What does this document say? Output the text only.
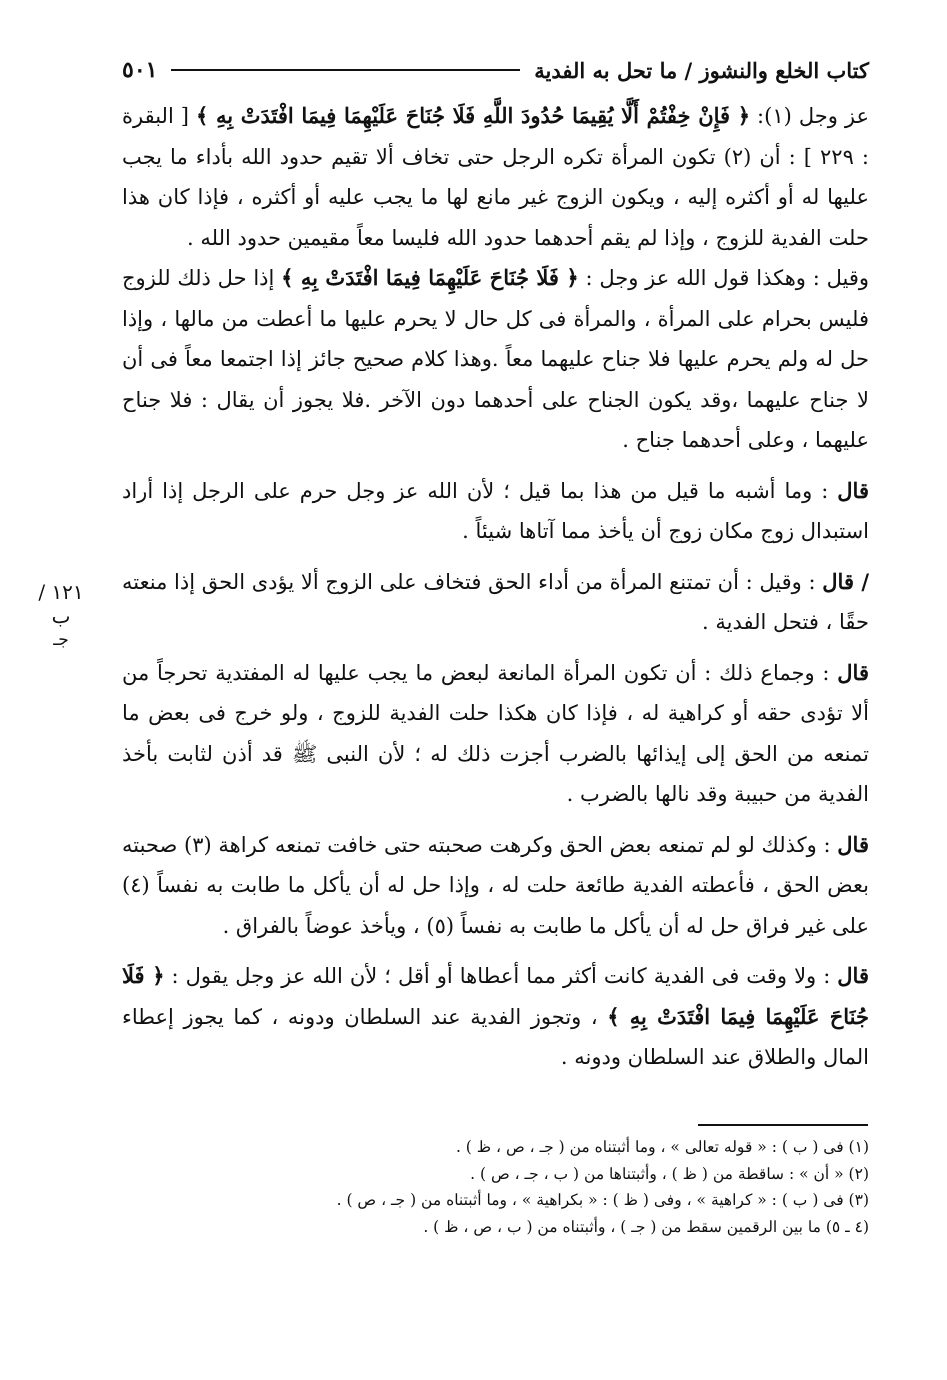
كتاب الخلع والنشوز / ما تحل به الفدية
٥٠١
١٢١ / ب
جـ

عز وجل (١): ﴿ فَإِنْ خِفْتُمْ أَلَّا يُقِيمَا حُدُودَ اللَّهِ فَلَا جُنَاحَ عَلَيْهِمَا فِيمَا افْتَدَتْ بِهِ ﴾ [ البقرة : ٢٢٩ ] : أن (٢) تكون المرأة تكره الرجل حتى تخاف ألا تقيم حدود الله بأداء ما يجب عليها له أو أكثره إليه ، ويكون الزوج غير مانع لها ما يجب عليه أو أكثره ، فإذا كان هذا حلت الفدية للزوج ، وإذا لم يقم أحدهما حدود الله فليسا معاً مقيمين حدود الله .

وقيل : وهكذا قول الله عز وجل : ﴿ فَلَا جُنَاحَ عَلَيْهِمَا فِيمَا افْتَدَتْ بِهِ ﴾ إذا حل ذلك للزوج فليس بحرام على المرأة ، والمرأة فى كل حال لا يحرم عليها ما أعطت من مالها ، وإذا حل له ولم يحرم عليها فلا جناح عليهما معاً .وهذا كلام صحيح جائز إذا اجتمعا معاً فى أن لا جناح عليهما ،وقد يكون الجناح على أحدهما دون الآخر .فلا يجوز أن يقال : فلا جناح عليهما ، وعلى أحدهما جناح .

قال : وما أشبه ما قيل من هذا بما قيل ؛ لأن الله عز وجل حرم على الرجل إذا أراد استبدال زوج مكان زوج أن يأخذ مما آتاها شيئاً .

/ قال : وقيل : أن تمتنع المرأة من أداء الحق فتخاف على الزوج ألا يؤدى الحق إذا منعته حقًا ، فتحل الفدية .

قال : وجماع ذلك : أن تكون المرأة المانعة لبعض ما يجب عليها له المفتدية تحرجاً من ألا تؤدى حقه أو كراهية له ، فإذا كان هكذا حلت الفدية للزوج ، ولو خرج فى بعض ما تمنعه من الحق إلى إيذائها بالضرب أجزت ذلك له ؛ لأن النبى ﷺ قد أذن لثابت بأخذ الفدية من حبيبة وقد نالها بالضرب .

قال : وكذلك لو لم تمنعه بعض الحق وكرهت صحبته حتى خافت تمنعه كراهة (٣) صحبته بعض الحق ، فأعطته الفدية طائعة حلت له ، وإذا حل له أن يأكل ما طابت به نفساً (٤) على غير فراق حل له أن يأكل ما طابت به نفساً (٥) ، ويأخذ عوضاً بالفراق .

قال : ولا وقت فى الفدية كانت أكثر مما أعطاها أو أقل ؛ لأن الله عز وجل يقول : ﴿ فَلَا جُنَاحَ عَلَيْهِمَا فِيمَا افْتَدَتْ بِهِ ﴾ ، وتجوز الفدية عند السلطان ودونه ، كما يجوز إعطاء المال والطلاق عند السلطان ودونه .

(١) فى ( ب ) : « قوله تعالى » ، وما أثبتناه من ( جـ ، ص ، ظ ) .

(٢) « أن » : ساقطة من ( ظ ) ، وأثبتناها من ( ب ، جـ ، ص ) .

(٣) فى ( ب ) : « كراهية » ، وفى ( ظ ) : « بكراهية » ، وما أثبتناه من ( جـ ، ص ) .

(٤ ـ ٥) ما بين الرقمين سقط من ( جـ ) ، وأثبتناه من ( ب ، ص ، ظ ) .
